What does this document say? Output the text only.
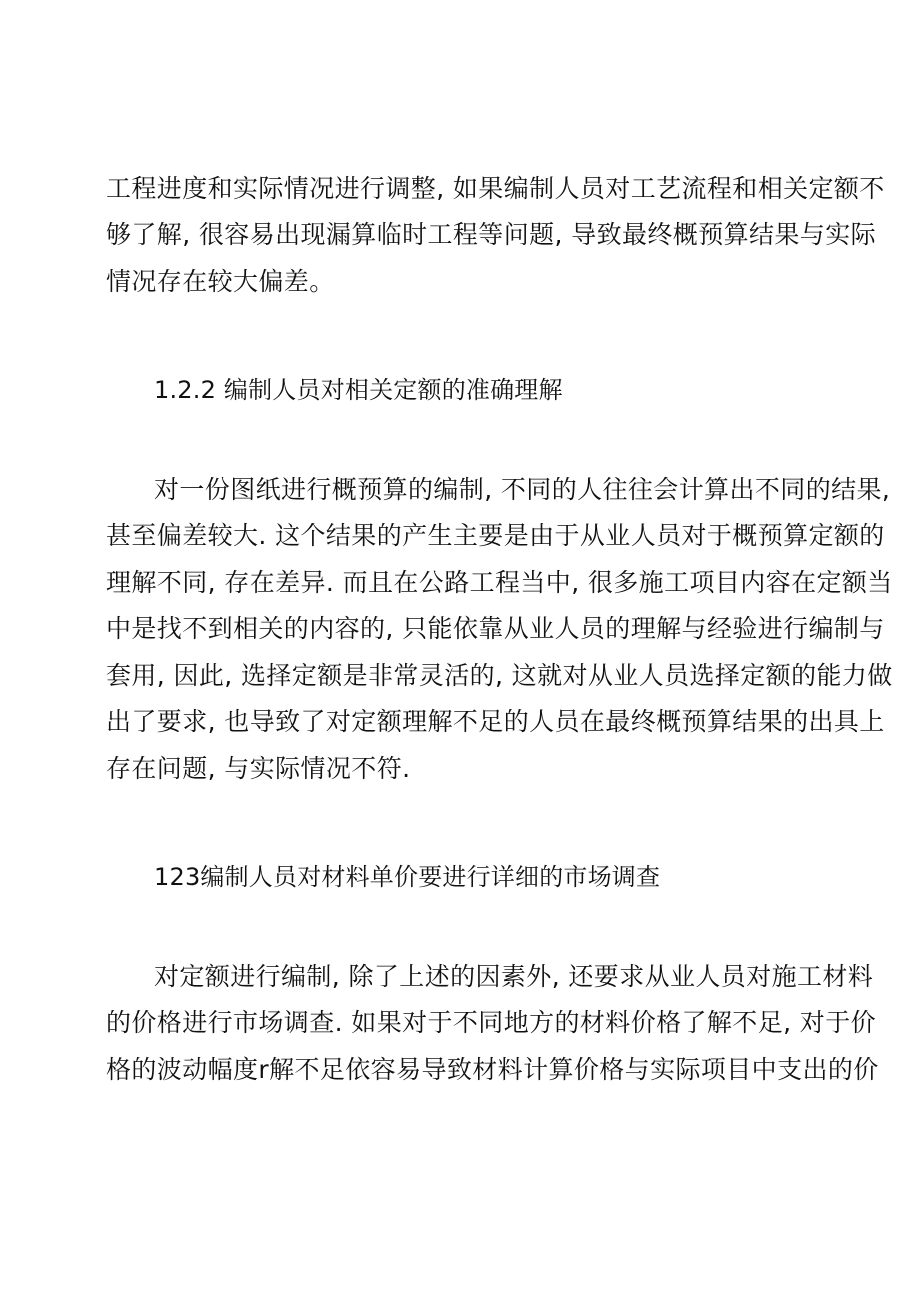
工程进度和实际情况进行调整, 如果编制人员对工艺流程和相关定额不
够了解, 很容易出现漏算临时工程等问题, 导致最终概预算结果与实际
情况存在较大偏差。
1.2.2 编制人员对相关定额的准确理解
对一份图纸进行概预算的编制, 不同的人往往会计算出不同的结果,
甚至偏差较大. 这个结果的产生主要是由于从业人员对于概预算定额的
理解不同, 存在差异. 而且在公路工程当中, 很多施工项目内容在定额当
中是找不到相关的内容的, 只能依靠从业人员的理解与经验进行编制与
套用, 因此, 选择定额是非常灵活的, 这就对从业人员选择定额的能力做
出了要求, 也导致了对定额理解不足的人员在最终概预算结果的出具上
存在问题, 与实际情况不符.
123编制人员对材料单价要进行详细的市场调查
对定额进行编制, 除了上述的因素外, 还要求从业人员对施工材料
的价格进行市场调查. 如果对于不同地方的材料价格了解不足, 对于价
格的波动幅度r解不足依容易导致材料计算价格与实际项目中支出的价
